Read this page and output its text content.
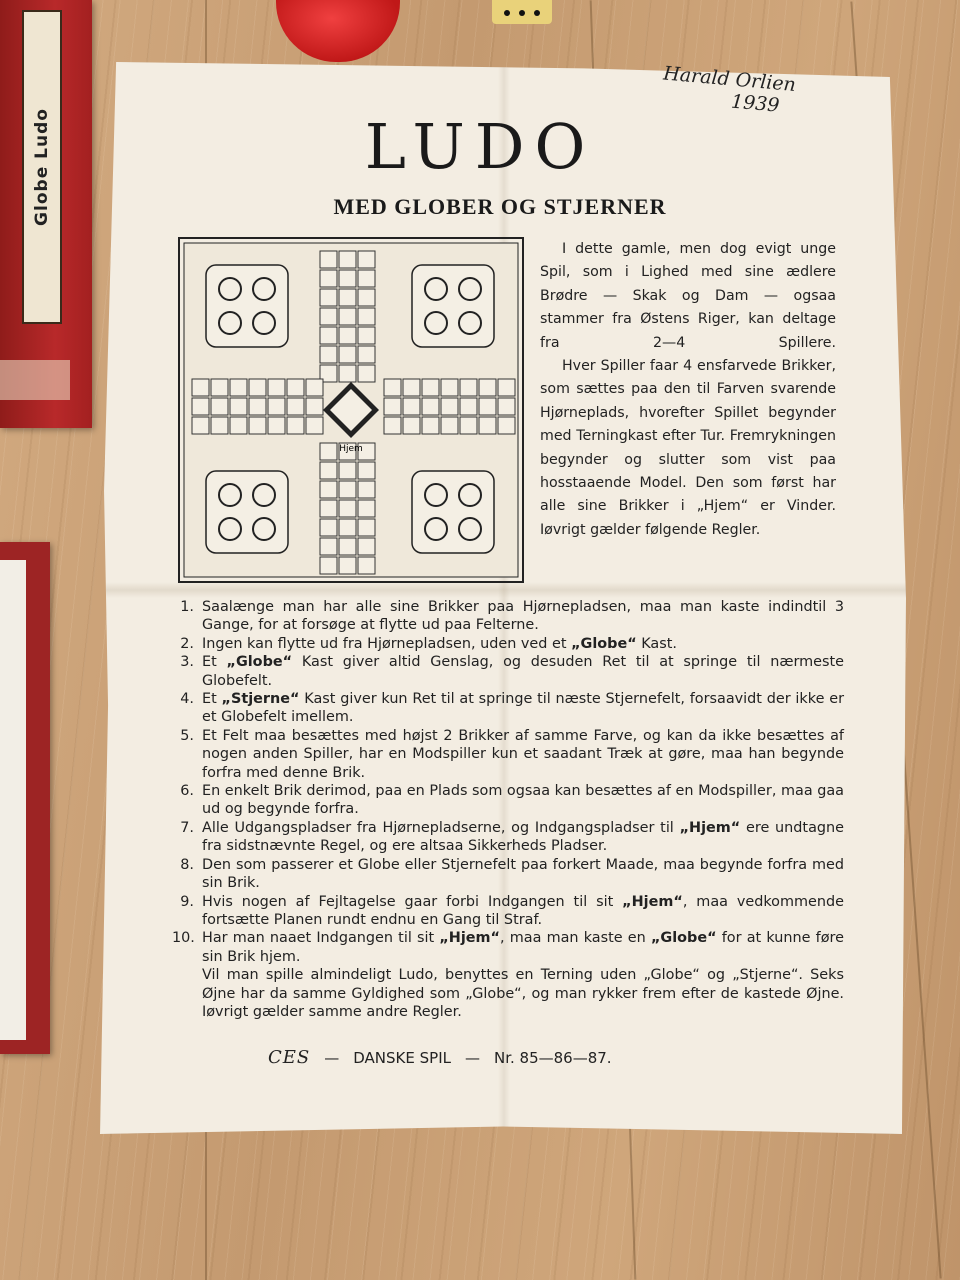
Globe Ludo
Harald Orlien
1939
LUDO
MED GLOBER OG STJERNER
Hjem

I dette gamle, men dog evigt unge Spil, som i Lighed med sine ædlere Brødre — Skak og Dam — ogsaa stammer fra Østens Riger, kan deltage fra 2—4 Spillere.

Hver Spiller faar 4 ensfarvede Brikker, som sættes paa den til Farven svarende Hjørneplads, hvorefter Spillet begynder med Terningkast efter Tur. Fremrykningen begynder og slutter som vist paa hosstaaende Model. Den som først har alle sine Brikker i „Hjem“ er Vinder. Iøvrigt gælder følgende Regler.

1. Saalænge man har alle sine Brikker paa Hjørnepladsen, maa man kaste indindtil 3 Gange, for at forsøge at flytte ud paa Felterne.
2. Ingen kan flytte ud fra Hjørnepladsen, uden ved et „Globe“ Kast.
3. Et „Globe“ Kast giver altid Genslag, og desuden Ret til at springe til nærmeste Globefelt.
4. Et „Stjerne“ Kast giver kun Ret til at springe til næste Stjernefelt, forsaavidt der ikke er et Globefelt imellem.
5. Et Felt maa besættes med højst 2 Brikker af samme Farve, og kan da ikke besættes af nogen anden Spiller, har en Modspiller kun et saadant Træk at gøre, maa han begynde forfra med denne Brik.
6. En enkelt Brik derimod, paa en Plads som ogsaa kan besættes af en Modspiller, maa gaa ud og begynde forfra.
7. Alle Udgangspladser fra Hjørnepladserne, og Indgangspladser til „Hjem“ ere undtagne fra sidstnævnte Regel, og ere altsaa Sikkerheds Pladser.
8. Den som passerer et Globe eller Stjernefelt paa forkert Maade, maa begynde forfra med sin Brik.
9. Hvis nogen af Fejltagelse gaar forbi Indgangen til sit „Hjem“, maa vedkommende fortsætte Planen rundt endnu en Gang til Straf.
10. Har man naaet Indgangen til sit „Hjem“, maa man kaste en „Globe“ for at kunne føre sin Brik hjem.
Vil man spille almindeligt Ludo, benyttes en Terning uden „Globe“ og „Stjerne“. Seks Øjne har da samme Gyldighed som „Globe“, og man rykker frem efter de kastede Øjne. Iøvrigt gælder samme andre Regler.
CES — DANSKE SPIL — Nr. 85—86—87.
